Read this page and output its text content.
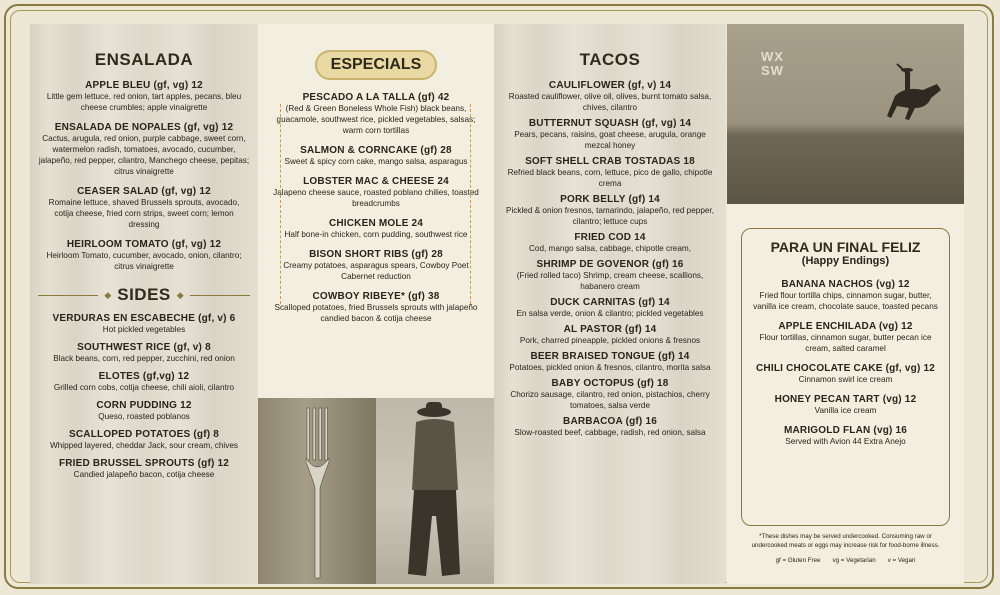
ENSALADA
APPLE BLEU (gf, vg) 12
Little gem lettuce, red onion, tart apples, pecans, bleu cheese crumbles; apple vinaigrette
ENSALADA DE NOPALES (gf, vg) 12
Cactus, arugula, red onion, purple cabbage, sweet corn, watermelon radish, tomatoes, avocado, cucumber, jalapeño, red pepper, cilantro, Manchego cheese, pepitas; citrus vinaigrette
CEASER SALAD (gf, vg) 12
Romaine lettuce, shaved Brussels sprouts, avocado, cotija cheese, fried corn strips, sweet corn; lemon dressing
HEIRLOOM TOMATO (gf, vg) 12
Heirloom Tomato, cucumber, avocado, onion, cilantro; citrus vinaigrette
◆ SIDES ◆
VERDURAS EN ESCABECHE (gf, v) 6
Hot pickled vegetables
SOUTHWEST RICE (gf, v) 8
Black beans, corn, red pepper, zucchini, red onion
ELOTES (gf,vg) 12
Grilled corn cobs, cotija cheese, chili aioli, cilantro
CORN PUDDING 12
Queso, roasted poblanos
SCALLOPED POTATOES (gf) 8
Whipped layered, cheddar Jack, sour cream, chives
FRIED BRUSSEL SPROUTS (gf) 12
Candied jalapeño bacon, cotija cheese
ESPECIALS
PESCADO A LA TALLA (gf) 42
(Red & Green Boneless Whole Fish) black beans, guacamole, southwest rice, pickled vegetables, salsas; warm corn tortillas
SALMON & CORNCAKE (gf) 28
Sweet & spicy corn cake, mango salsa, asparagus
LOBSTER MAC & CHEESE 24
Jalapeno cheese sauce, roasted poblano chilies, toasted breadcrumbs
CHICKEN MOLE 24
Half bone-in chicken, corn pudding, southwest rice
BISON SHORT RIBS (gf) 28
Creamy potatoes, asparagus spears, Cowboy Poet Cabernet reduction
COWBOY RIBEYE* (gf) 38
Scalloped potatoes, fried Brussels sprouts with jalapeño candied bacon & cotija cheese
TACOS
CAULIFLOWER (gf, v) 14
Roasted cauliflower, olive oil, olives, burnt tomato salsa, chives, cilantro
BUTTERNUT SQUASH (gf, vg) 14
Pears, pecans, raisins, goat cheese, arugula, orange mezcal honey
SOFT SHELL CRAB TOSTADAS 18
Refried black beans, corn, lettuce, pico de gallo, chipotle crema
PORK BELLY (gf) 14
Pickled & onion fresnos, tamarindo, jalapeño, red pepper, cilantro; lettuce cups
FRIED COD 14
Cod, mango salsa, cabbage, chipotle cream,
SHRIMP DE GOVENOR (gf) 16
(Fried rolled taco) Shrimp, cream cheese, scallions, habanero cream
DUCK CARNITAS (gf) 14
En salsa verde, onion & cilantro; pickled vegetables
AL PASTOR (gf) 14
Pork, charred pineapple, pickled onions & fresnos
BEER BRAISED TONGUE (gf) 14
Potatoes, pickled onion & fresnos, cilantro, morita salsa
BABY OCTOPUS (gf) 18
Chorizo sausage, cilantro, red onion, pistachios, cherry tomatoes, salsa verde
BARBACOA (gf) 16
Slow-roasted beef, cabbage, radish, red onion, salsa
WX
SW
PARA UN FINAL FELIZ
(Happy Endings)
BANANA NACHOS (vg) 12
Fried flour tortilla chips, cinnamon sugar, butter, vanilla ice cream, chocolate sauce, toasted pecans
APPLE ENCHILADA (vg) 12
Flour tortillas, cinnamon sugar, butter pecan ice cream, salted caramel
CHILI CHOCOLATE CAKE (gf, vg) 12
Cinnamon swirl ice cream
HONEY PECAN TART (vg) 12
Vanilla ice cream
MARIGOLD FLAN (vg) 16
Served with Avion 44 Extra Anejo
*These dishes may be served undercooked. Consuming raw or undercooked meats or eggs may increase risk for food-borne illness.
gf = Gluten Free vg = Vegetarian v = Vegan
